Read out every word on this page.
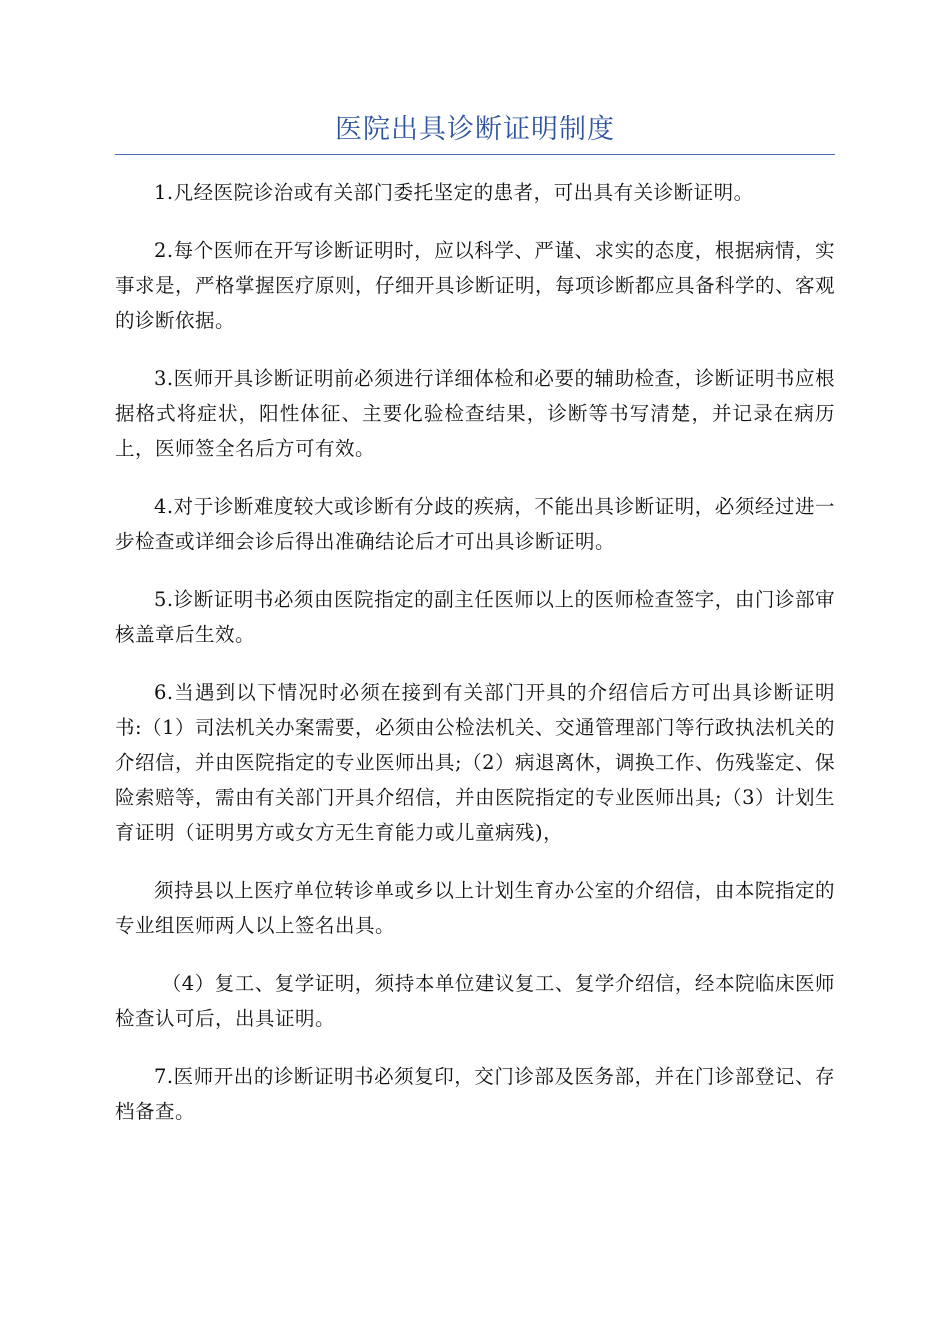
医院出具诊断证明制度

1.凡经医院诊治或有关部门委托坚定的患者，可出具有关诊断证明。

2.每个医师在开写诊断证明时，应以科学、严谨、求实的态度，根据病情，实事求是，严格掌握医疗原则，仔细开具诊断证明，每项诊断都应具备科学的、客观的诊断依据。

3.医师开具诊断证明前必须进行详细体检和必要的辅助检查，诊断证明书应根据格式将症状，阳性体征、主要化验检查结果，诊断等书写清楚，并记录在病历上，医师签全名后方可有效。

4.对于诊断难度较大或诊断有分歧的疾病，不能出具诊断证明，必须经过进一步检查或详细会诊后得出准确结论后才可出具诊断证明。

5.诊断证明书必须由医院指定的副主任医师以上的医师检查签字，由门诊部审核盖章后生效。

6.当遇到以下情况时必须在接到有关部门开具的介绍信后方可出具诊断证明书:（1）司法机关办案需要，必须由公检法机关、交通管理部门等行政执法机关的介绍信，并由医院指定的专业医师出具;（2）病退离休，调换工作、伤残鉴定、保险索赔等，需由有关部门开具介绍信，并由医院指定的专业医师出具;（3）计划生育证明（证明男方或女方无生育能力或儿童病残)，

须持县以上医疗单位转诊单或乡以上计划生育办公室的介绍信，由本院指定的专业组医师两人以上签名出具。

（4）复工、复学证明，须持本单位建议复工、复学介绍信，经本院临床医师检查认可后，出具证明。

7.医师开出的诊断证明书必须复印，交门诊部及医务部，并在门诊部登记、存档备查。
